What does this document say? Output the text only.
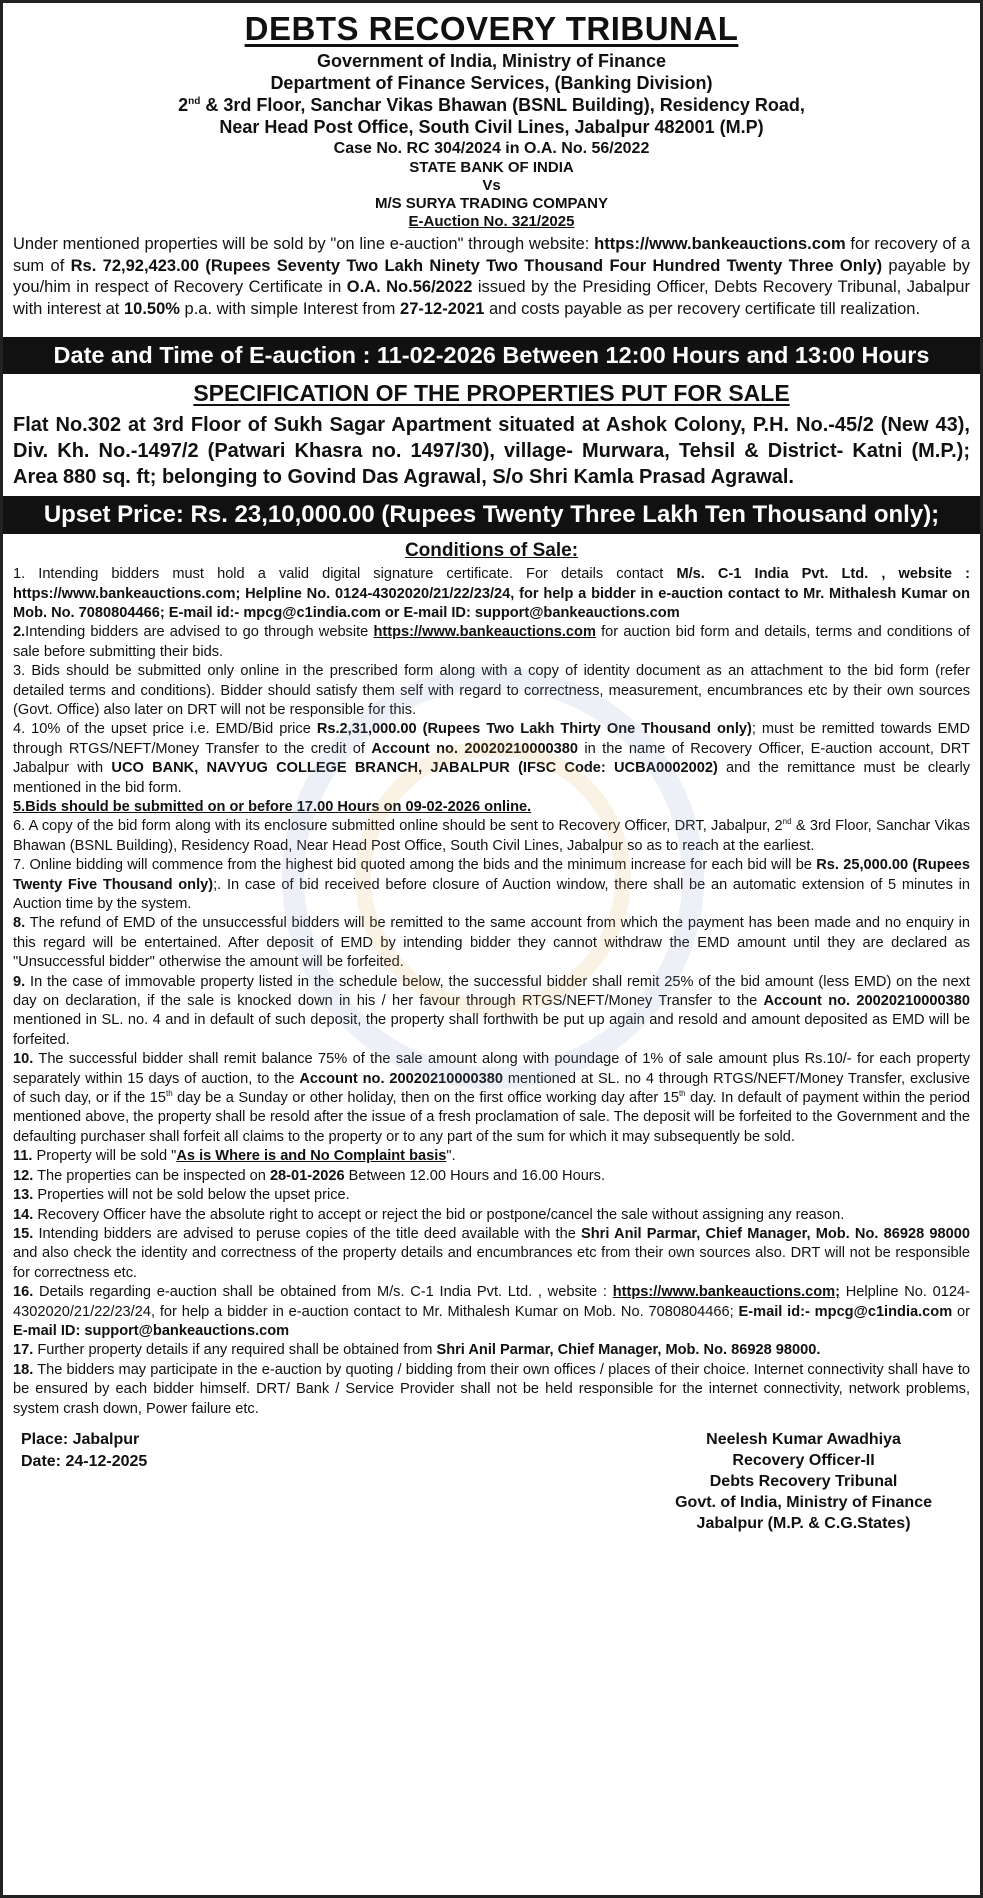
DEBTS RECOVERY TRIBUNAL
Government of India, Ministry of Finance
Department of Finance Services, (Banking Division)
2nd & 3rd Floor, Sanchar Vikas Bhawan (BSNL Building), Residency Road,
Near Head Post Office, South Civil Lines, Jabalpur 482001 (M.P)
Case No. RC 304/2024 in O.A. No. 56/2022
STATE BANK OF INDIA
Vs
M/S SURYA TRADING COMPANY
E-Auction No. 321/2025

Under mentioned properties will be sold by "on line e-auction" through website: https://www.bankeauctions.com for recovery of a sum of Rs. 72,92,423.00 (Rupees Seventy Two Lakh Ninety Two Thousand Four Hundred Twenty Three Only) payable by you/him in respect of Recovery Certificate in O.A. No.56/2022 issued by the Presiding Officer, Debts Recovery Tribunal, Jabalpur with interest at 10.50% p.a. with simple Interest from 27-12-2021 and costs payable as per recovery certificate till realization.

Date and Time of E-auction : 11-02-2026 Between 12:00 Hours and 13:00 Hours
SPECIFICATION OF THE PROPERTIES PUT FOR SALE
Flat No.302 at 3rd Floor of Sukh Sagar Apartment situated at Ashok Colony, P.H. No.-45/2 (New 43), Div. Kh. No.-1497/2 (Patwari Khasra no. 1497/30), village- Murwara, Tehsil & District- Katni (M.P.); Area 880 sq. ft; belonging to Govind Das Agrawal, S/o Shri Kamla Prasad Agrawal.
Upset Price: Rs. 23,10,000.00 (Rupees Twenty Three Lakh Ten Thousand only);
Conditions of Sale:

1. Intending bidders must hold a valid digital signature certificate. For details contact M/s. C-1 India Pvt. Ltd. , website : https://www.bankeauctions.com; Helpline No. 0124-4302020/21/22/23/24, for help a bidder in e-auction contact to Mr. Mithalesh Kumar on Mob. No. 7080804466; E-mail id:- mpcg@c1india.com or E-mail ID: support@bankeauctions.com

2.Intending bidders are advised to go through website https://www.bankeauctions.com for auction bid form and details, terms and conditions of sale before submitting their bids.

3. Bids should be submitted only online in the prescribed form along with a copy of identity document as an attachment to the bid form (refer detailed terms and conditions). Bidder should satisfy them self with regard to correctness, measurement, encumbrances etc by their own sources (Govt. Office) also later on DRT will not be responsible for this.

4. 10% of the upset price i.e. EMD/Bid price Rs.2,31,000.00 (Rupees Two Lakh Thirty One Thousand only); must be remitted towards EMD through RTGS/NEFT/Money Transfer to the credit of Account no. 20020210000380 in the name of Recovery Officer, E-auction account, DRT Jabalpur with UCO BANK, NAVYUG COLLEGE BRANCH, JABALPUR (IFSC Code: UCBA0002002) and the remittance must be clearly mentioned in the bid form.

5.Bids should be submitted on or before 17.00 Hours on 09-02-2026 online.

6. A copy of the bid form along with its enclosure submitted online should be sent to Recovery Officer, DRT, Jabalpur, 2nd & 3rd Floor, Sanchar Vikas Bhawan (BSNL Building), Residency Road, Near Head Post Office, South Civil Lines, Jabalpur so as to reach at the earliest.

7. Online bidding will commence from the highest bid quoted among the bids and the minimum increase for each bid will be Rs. 25,000.00 (Rupees Twenty Five Thousand only);. In case of bid received before closure of Auction window, there shall be an automatic extension of 5 minutes in Auction time by the system.

8. The refund of EMD of the unsuccessful bidders will be remitted to the same account from which the payment has been made and no enquiry in this regard will be entertained. After deposit of EMD by intending bidder they cannot withdraw the EMD amount until they are declared as "Unsuccessful bidder" otherwise the amount will be forfeited.

9. In the case of immovable property listed in the schedule below, the successful bidder shall remit 25% of the bid amount (less EMD) on the next day on declaration, if the sale is knocked down in his / her favour through RTGS/NEFT/Money Transfer to the Account no. 20020210000380 mentioned in SL. no. 4 and in default of such deposit, the property shall forthwith be put up again and resold and amount deposited as EMD will be forfeited.

10. The successful bidder shall remit balance 75% of the sale amount along with poundage of 1% of sale amount plus Rs.10/- for each property separately within 15 days of auction, to the Account no. 20020210000380 mentioned at SL. no 4 through RTGS/NEFT/Money Transfer, exclusive of such day, or if the 15th day be a Sunday or other holiday, then on the first office working day after 15th day. In default of payment within the period mentioned above, the property shall be resold after the issue of a fresh proclamation of sale. The deposit will be forfeited to the Government and the defaulting purchaser shall forfeit all claims to the property or to any part of the sum for which it may subsequently be sold.

11. Property will be sold "As is Where is and No Complaint basis".

12. The properties can be inspected on 28-01-2026 Between 12.00 Hours and 16.00 Hours.

13. Properties will not be sold below the upset price.

14. Recovery Officer have the absolute right to accept or reject the bid or postpone/cancel the sale without assigning any reason.

15. Intending bidders are advised to peruse copies of the title deed available with the Shri Anil Parmar, Chief Manager, Mob. No. 86928 98000 and also check the identity and correctness of the property details and encumbrances etc from their own sources also. DRT will not be responsible for correctness etc.

16. Details regarding e-auction shall be obtained from M/s. C-1 India Pvt. Ltd. , website : https://www.bankeauctions.com; Helpline No. 0124-4302020/21/22/23/24, for help a bidder in e-auction contact to Mr. Mithalesh Kumar on Mob. No. 7080804466; E-mail id:- mpcg@c1india.com or E-mail ID: support@bankeauctions.com

17. Further property details if any required shall be obtained from Shri Anil Parmar, Chief Manager, Mob. No. 86928 98000.

18. The bidders may participate in the e-auction by quoting / bidding from their own offices / places of their choice. Internet connectivity shall have to be ensured by each bidder himself. DRT/ Bank / Service Provider shall not be held responsible for the internet connectivity, network problems, system crash down, Power failure etc.

Place: Jabalpur
Date: 24-12-2025
Neelesh Kumar Awadhiya
Recovery Officer-II
Debts Recovery Tribunal
Govt. of India, Ministry of Finance
Jabalpur (M.P. & C.G.States)
